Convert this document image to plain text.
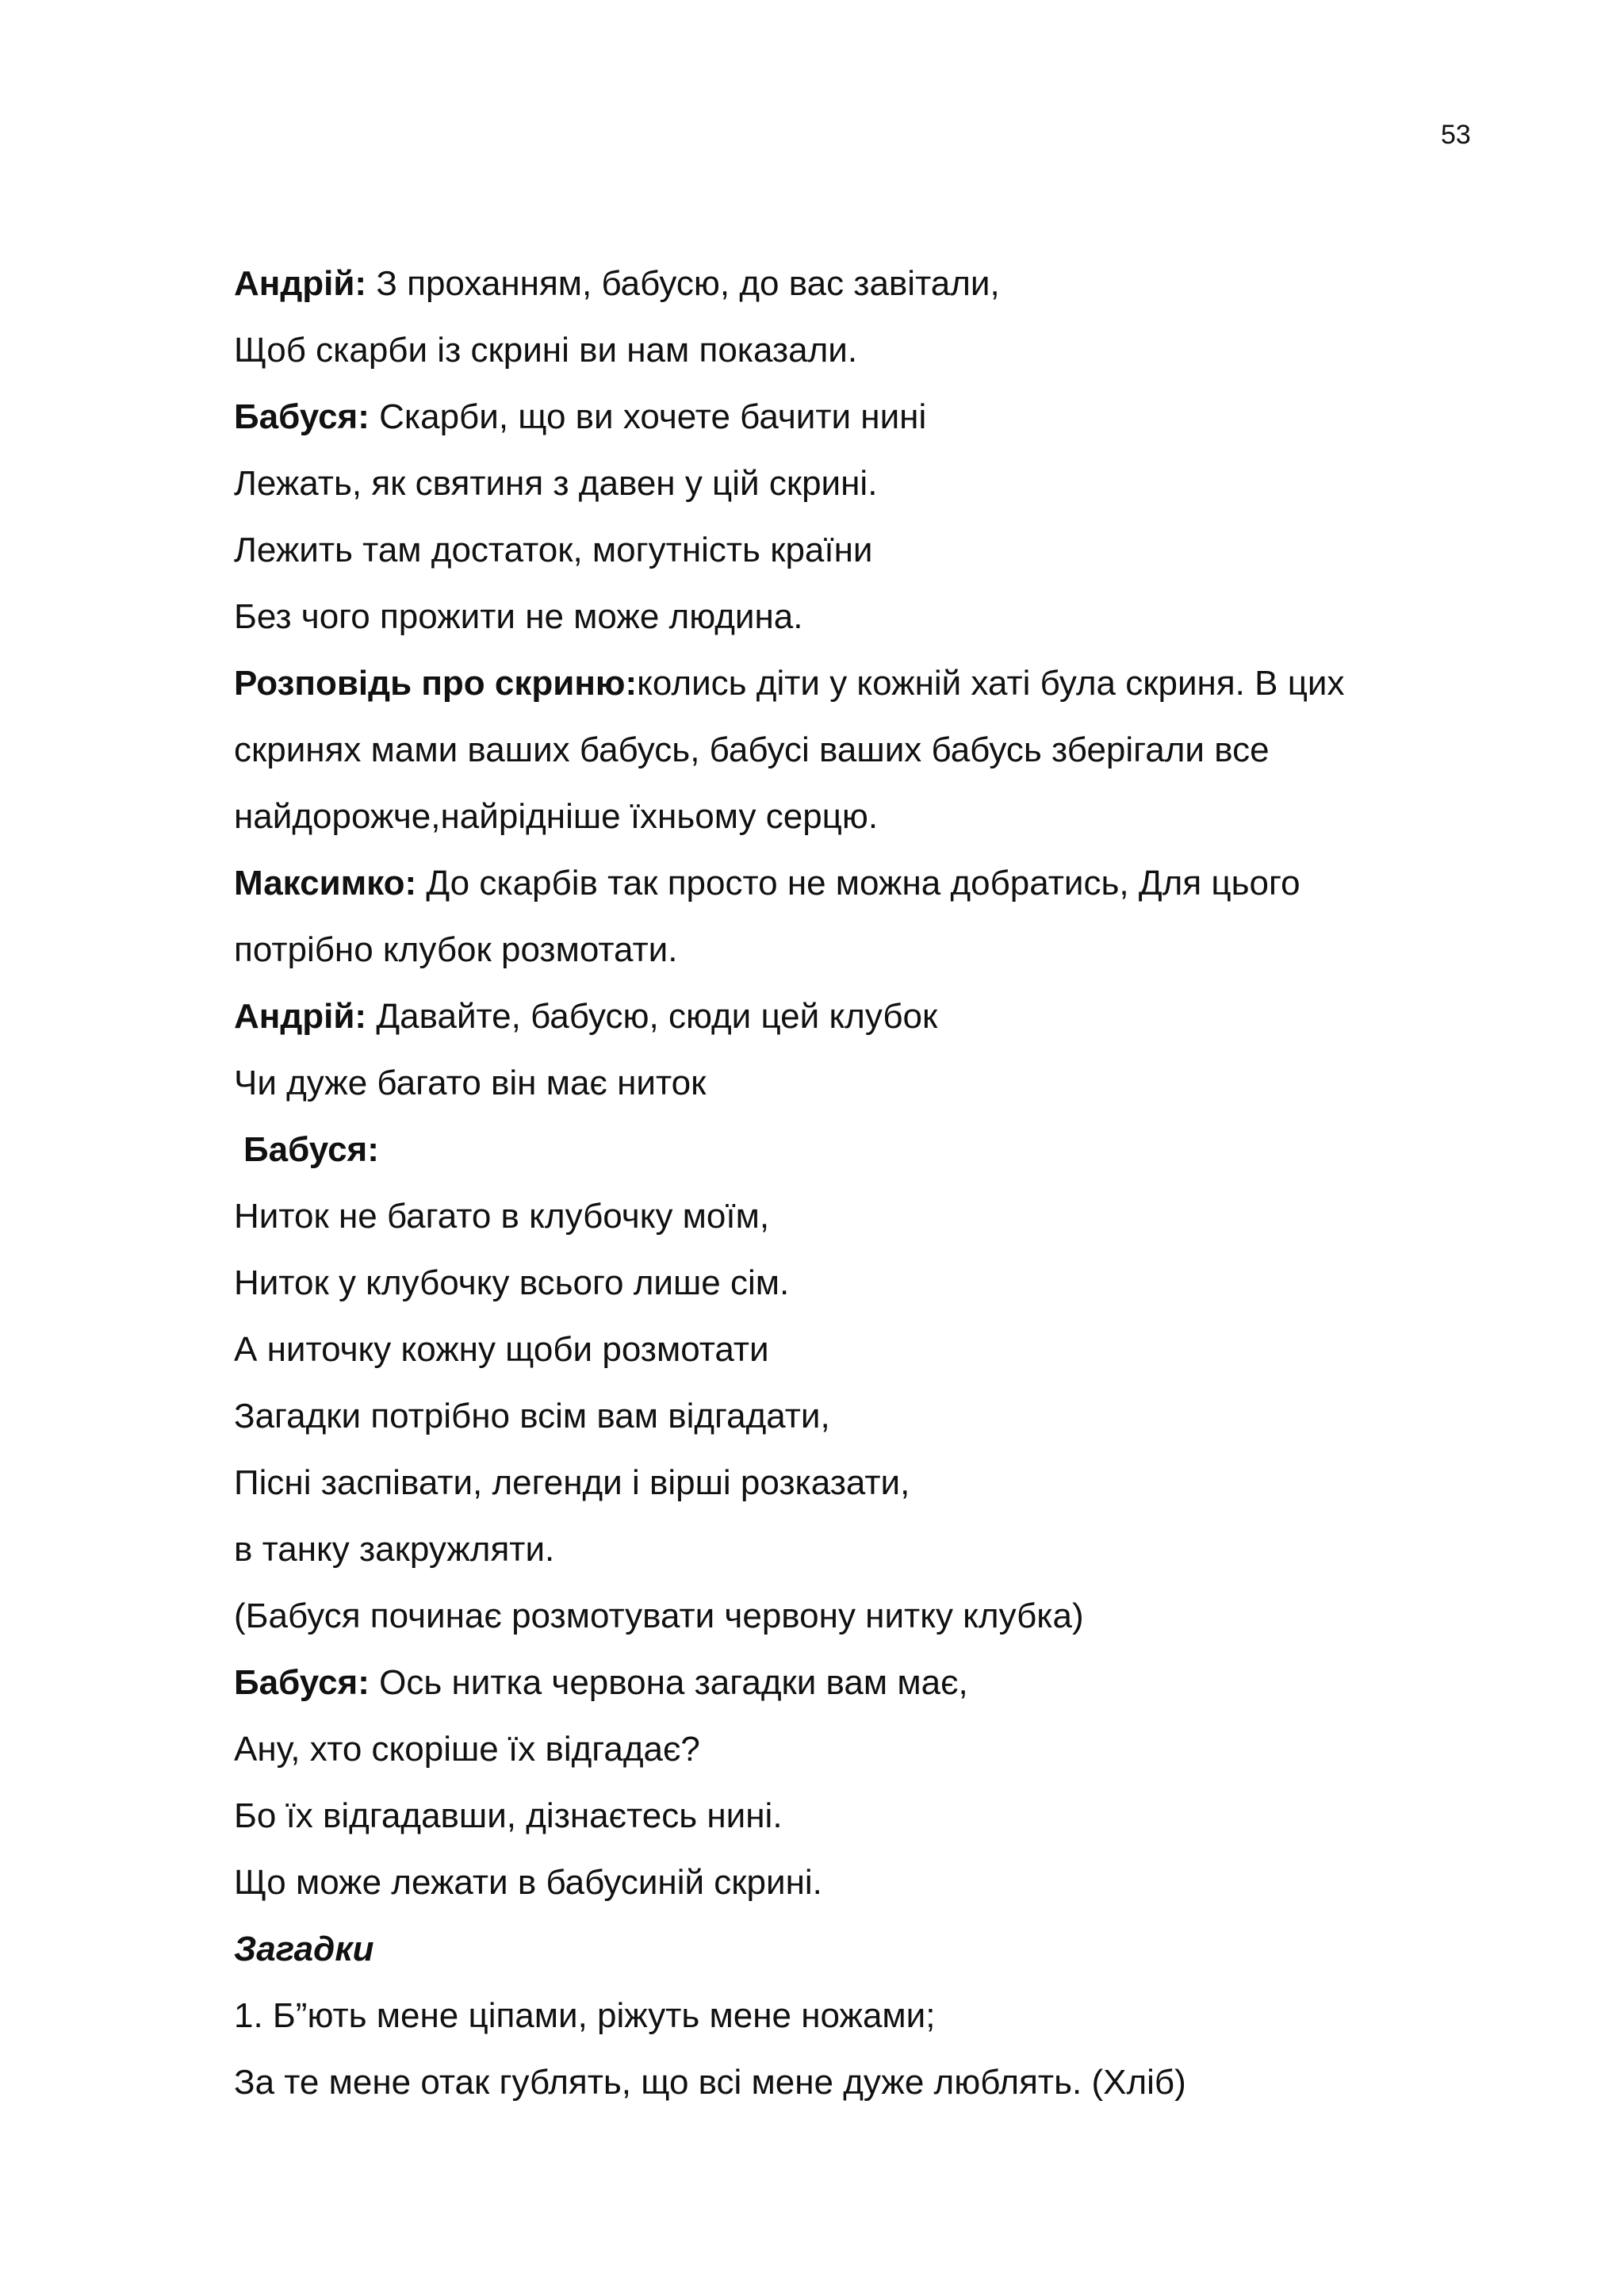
53

Андрій: З проханням, бабусю, до вас завітали,

Щоб скарби із скрині ви нам показали.

Бабуся: Скарби, що ви хочете бачити нині

Лежать, як святиня з давен у цій скрині.

Лежить там достаток, могутність країни

Без чого прожити не може людина.

Розповідь про скриню:колись діти у кожній хаті була скриня. В цих

скринях мами ваших бабусь, бабусі ваших бабусь зберігали все

найдорожче,найрідніше їхньому серцю.

Максимко: До скарбів так просто не можна добратись, Для цього

потрібно клубок розмотати.

Андрій: Давайте, бабусю, сюди цей клубок

Чи дуже багато він має ниток

Бабуся:

Ниток не багато в клубочку моїм,

Ниток у клубочку всього лише сім.

А ниточку кожну щоби розмотати

Загадки потрібно всім вам відгадати,

Пісні заспівати, легенди і вірші розказати,

в танку закружляти.

(Бабуся починає розмотувати червону нитку клубка)

Бабуся: Ось нитка червона загадки вам має,

Ану, хто скоріше їх відгадає?

Бо їх відгадавши, дізнаєтесь нині.

Що може лежати в бабусиній скрині.

Загадки

1. Б”ють мене ціпами, ріжуть мене ножами;

За те мене отак гублять, що всі мене дуже люблять. (Хліб)
